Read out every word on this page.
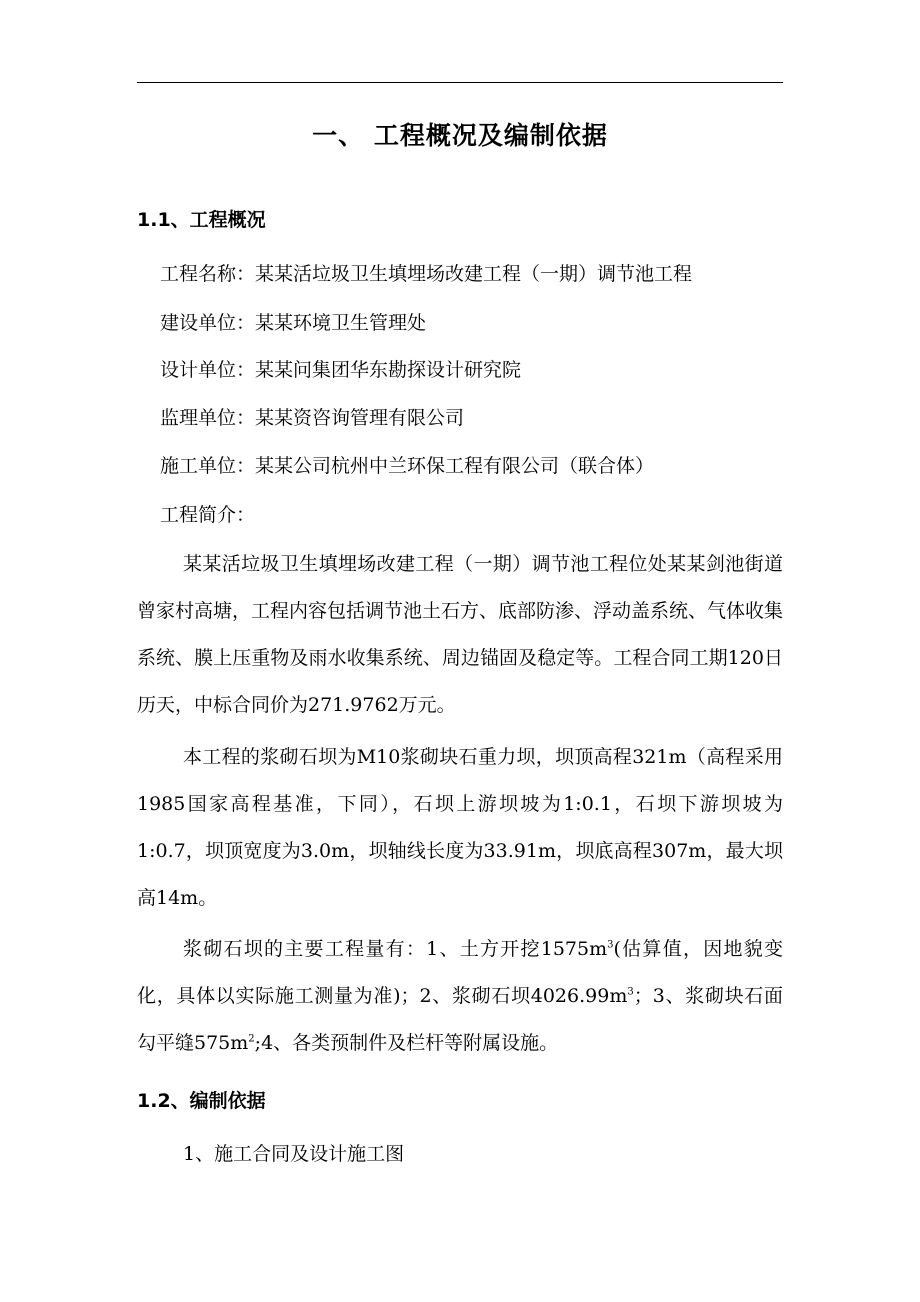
一、 工程概况及编制依据
1.1、工程概况
工程名称：某某活垃圾卫生填埋场改建工程（一期）调节池工程
建设单位：某某环境卫生管理处
设计单位：某某问集团华东勘探设计研究院
监理单位：某某资咨询管理有限公司
施工单位：某某公司杭州中兰环保工程有限公司（联合体）
工程简介：

某某活垃圾卫生填埋场改建工程（一期）调节池工程位处某某剑池街道曾家村高塘，工程内容包括调节池土石方、底部防渗、浮动盖系统、气体收集系统、膜上压重物及雨水收集系统、周边锚固及稳定等。工程合同工期120日历天，中标合同价为271.9762万元。

本工程的浆砌石坝为M10浆砌块石重力坝，坝顶高程321m（高程采用1985国家高程基准，下同），石坝上游坝坡为1:0.1，石坝下游坝坡为1:0.7，坝顶宽度为3.0m，坝轴线长度为33.91m，坝底高程307m，最大坝高14m。

浆砌石坝的主要工程量有：1、土方开挖$1575m^3$(估算值，因地貌变化，具体以实际施工测量为准)；2、浆砌石坝$4026.99m^3$；3、浆砌块石面勾平缝$575m^2;4$、各类预制件及栏杆等附属设施。

1.2、编制依据
1、施工合同及设计施工图
